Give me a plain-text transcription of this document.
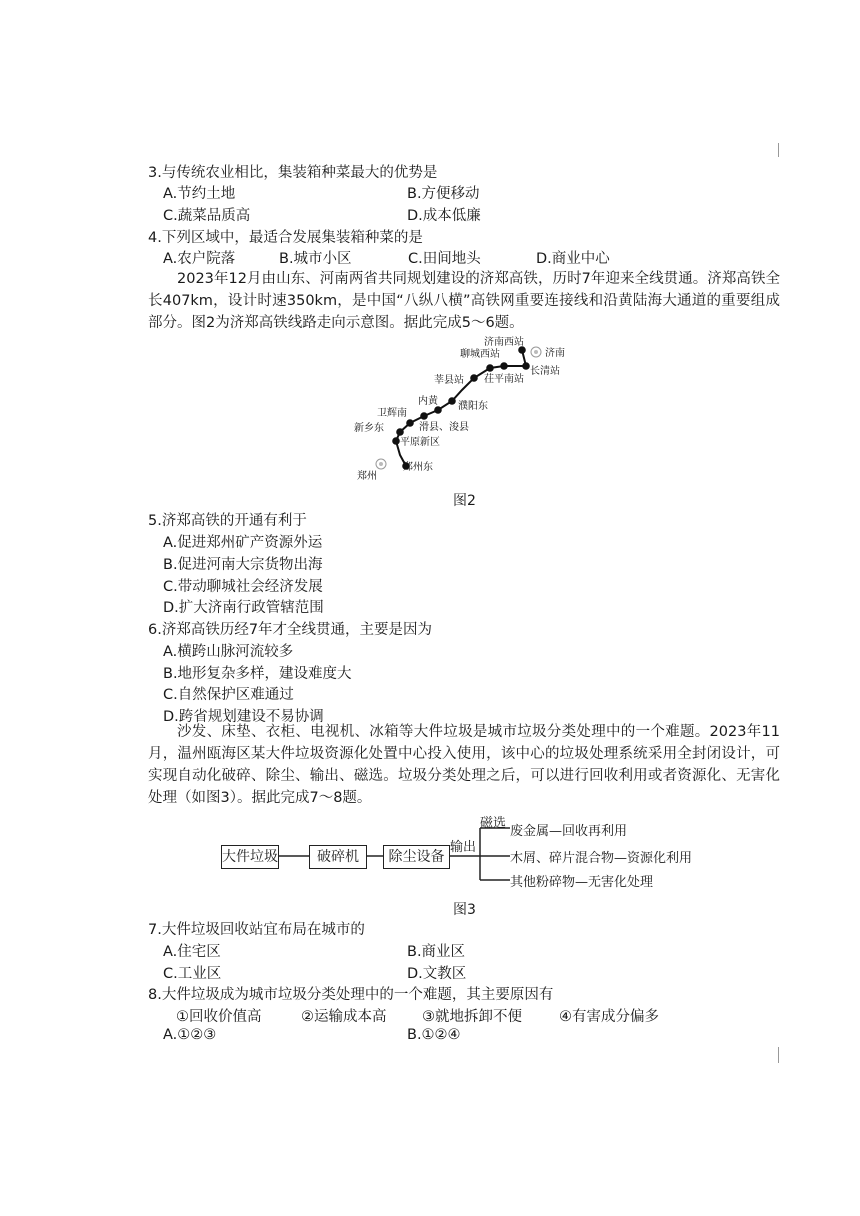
3.与传统农业相比，集装箱种菜最大的优势是
A.节约土地	B.方便移动
C.蔬菜品质高	D.成本低廉
4.下列区域中，最适合发展集装箱种菜的是
A.农户院落	B.城市小区	C.田间地头	D.商业中心
2023年12月由山东、河南两省共同规划建设的济郑高铁，历时7年迎来全线贯通。济郑高铁全长407km，设计时速350km，是中国“八纵八横”高铁网重要连接线和沿黄陆海大通道的重要组成部分。图2为济郑高铁线路走向示意图。据此完成5～6题。
济南西站
济南
聊城西站
长清站
茌平南站
莘县站
内黄 濮阳东
卫辉南
滑县、浚县
新乡东
平原新区
郑州
郑州东
图2
5.济郑高铁的开通有利于
A.促进郑州矿产资源外运
B.促进河南大宗货物出海
C.带动聊城社会经济发展
D.扩大济南行政管辖范围
6.济郑高铁历经7年才全线贯通，主要是因为
A.横跨山脉河流较多
B.地形复杂多样，建设难度大
C.自然保护区难通过
D.跨省规划建设不易协调
沙发、床垫、衣柜、电视机、冰箱等大件垃圾是城市垃圾分类处理中的一个难题。2023年11月，温州瓯海区某大件垃圾资源化处置中心投入使用，该中心的垃圾处理系统采用全封闭设计，可实现自动化破碎、除尘、输出、磁选。垃圾分类处理之后，可以进行回收利用或者资源化、无害化处理（如图3）。据此完成7～8题。
大件垃圾	破碎机	除尘设备
输出
磁选
废金属—回收再利用
木屑、碎片混合物—资源化利用
其他粉碎物—无害化处理
图3
7.大件垃圾回收站宜布局在城市的
A.住宅区	B.商业区
C.工业区	D.文教区
8.大件垃圾成为城市垃圾分类处理中的一个难题，其主要原因有
①回收价值高	②运输成本高 ③就地拆卸不便	④有害成分偏多
A.①②③	B.①②④
